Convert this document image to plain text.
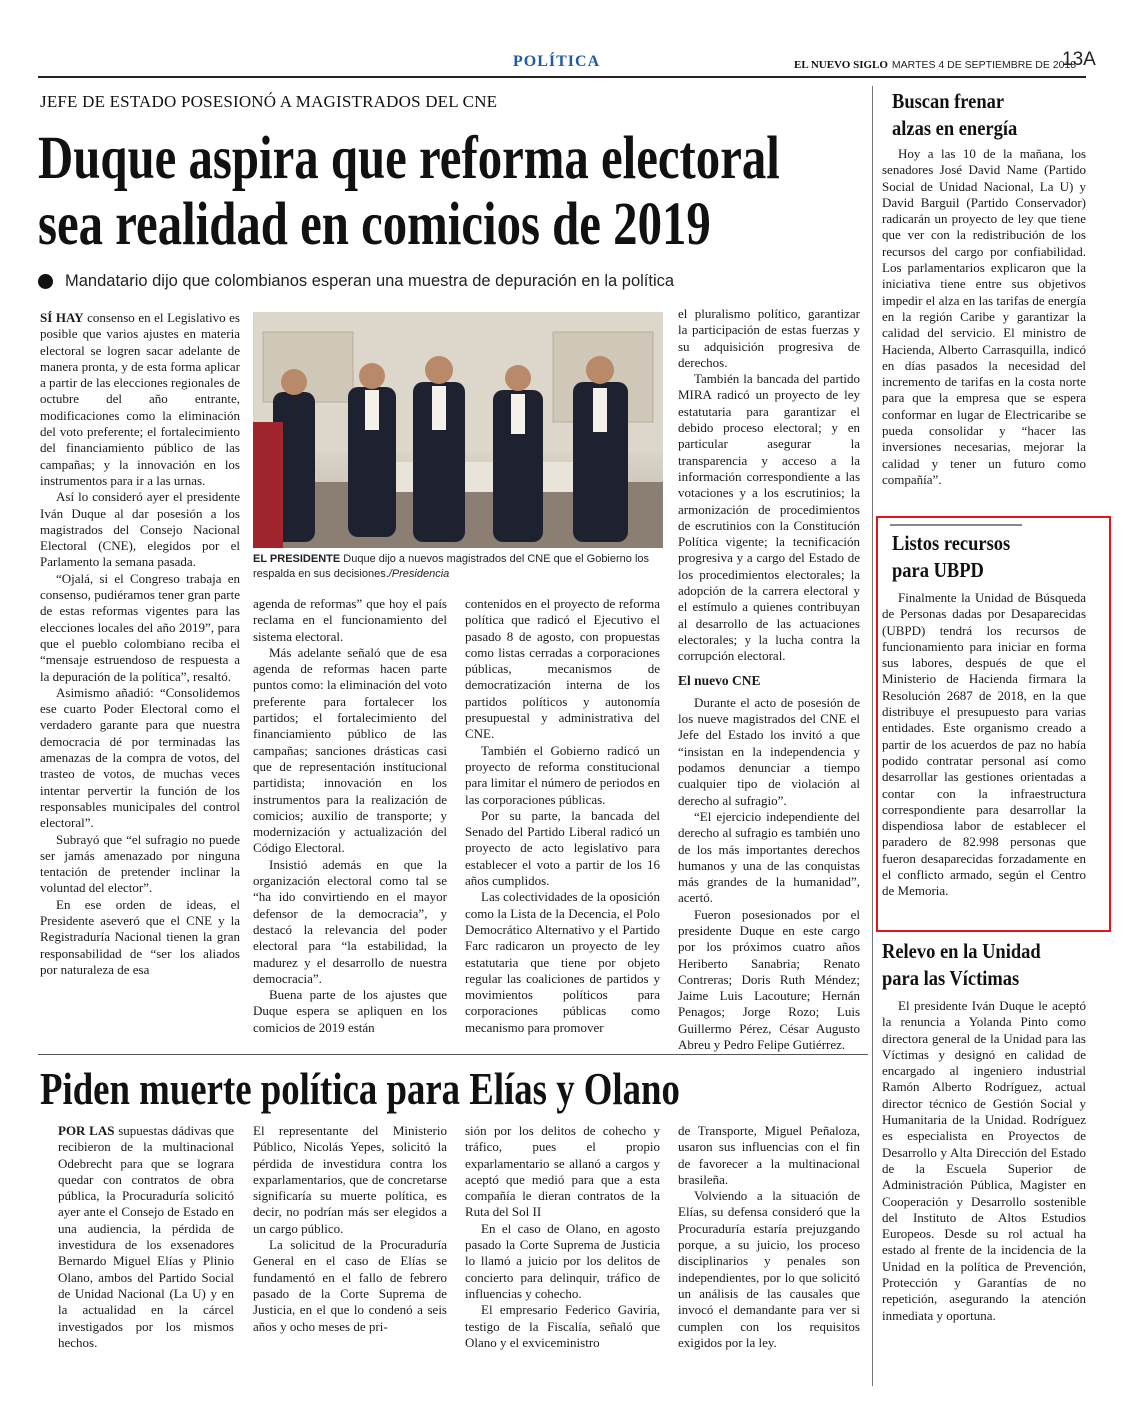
POLÍTICA	EL NUEVO SIGLO MARTES 4 DE SEPTIEMBRE DE 2018
13A
JEFE DE ESTADO POSESIONÓ A MAGISTRADOS DEL CNE
Duque aspira que reforma electoral
sea realidad en comicios de 2019
Mandatario dijo que colombianos esperan una muestra de depuración en la política

SÍ HAY consenso en el Legislativo es posible que varios ajustes en materia electoral se logren sacar adelante de manera pronta, y de esta forma aplicar a partir de las elecciones regionales de octubre del año entrante, modificaciones como la eliminación del voto preferente; el fortalecimiento del financiamiento público de las campañas; y la innovación en los instrumentos para ir a las urnas.

Así lo consideró ayer el presidente Iván Duque al dar posesión a los magistrados del Consejo Nacional Electoral (CNE), elegidos por el Parlamento la semana pasada.

“Ojalá, si el Congreso trabaja en consenso, pudiéramos tener gran parte de estas reformas vigentes para las elecciones locales del año 2019”, para que el pueblo colombiano reciba el “mensaje estruendoso de respuesta a la depuración de la política”, resaltó.

Asimismo añadió: “Consolidemos ese cuarto Poder Electoral como el verdadero garante para que nuestra democracia dé por terminadas las amenazas de la compra de votos, del trasteo de votos, de muchas veces intentar pervertir la función de los responsables municipales del control electoral”.

Subrayó que “el sufragio no puede ser jamás amenazado por ninguna tentación de pretender inclinar la voluntad del elector”.

En ese orden de ideas, el Presidente aseveró que el CNE y la Registraduría Nacional tienen la gran responsabilidad de “ser los aliados por naturaleza de esa

EL PRESIDENTE Duque dijo a nuevos magistrados del CNE que el Gobierno los respalda en sus decisiones./Presidencia

agenda de reformas” que hoy el país reclama en el funcionamiento del sistema electoral.

Más adelante señaló que de esa agenda de reformas hacen parte puntos como: la eliminación del voto preferente para fortalecer los partidos; el fortalecimiento del financiamiento público de las campañas; sanciones drásticas casi que de representación institucional partidista; innovación en los instrumentos para la realización de comicios; auxilio de transporte; y modernización y actualización del Código Electoral.

Insistió además en que la organización electoral como tal se “ha ido convirtiendo en el mayor defensor de la democracia”, y destacó la relevancia del poder electoral para “la estabilidad, la madurez y el desarrollo de nuestra democracia”.

Buena parte de los ajustes que Duque espera se apliquen en los comicios de 2019 están

contenidos en el proyecto de reforma política que radicó el Ejecutivo el pasado 8 de agosto, con propuestas como listas cerradas a corporaciones públicas, mecanismos de democratización interna de los partidos políticos y autonomía presupuestal y administrativa del CNE.

También el Gobierno radicó un proyecto de reforma constitucional para limitar el número de periodos en las corporaciones públicas.

Por su parte, la bancada del Senado del Partido Liberal radicó un proyecto de acto legislativo para establecer el voto a partir de los 16 años cumplidos.

Las colectividades de la oposición como la Lista de la Decencia, el Polo Democrático Alternativo y el Partido Farc radicaron un proyecto de ley estatutaria que tiene por objeto regular las coaliciones de partidos y movimientos políticos para corporaciones públicas como mecanismo para promover

el pluralismo político, garantizar la participación de estas fuerzas y su adquisición progresiva de derechos.

También la bancada del partido MIRA radicó un proyecto de ley estatutaria para garantizar el debido proceso electoral; y en particular asegurar la transparencia y acceso a la información correspondiente a las votaciones y a los escrutinios; la armonización de procedimientos de escrutinios con la Constitución Política vigente; la tecnificación progresiva y a cargo del Estado de los procedimientos electorales; la adopción de la carrera electoral y el estímulo a quienes contribuyan al desarrollo de las actuaciones electorales; y la lucha contra la corrupción electoral.

El nuevo CNE

Durante el acto de posesión de los nueve magistrados del CNE el Jefe del Estado los invitó a que “insistan en la independencia y podamos denunciar a tiempo cualquier tipo de violación al derecho al sufragio”.

“El ejercicio independiente del derecho al sufragio es también uno de los más importantes derechos humanos y una de las conquistas más grandes de la humanidad”, acertó.

Fueron posesionados por el presidente Duque en este cargo por los próximos cuatro años Heriberto Sanabria; Renato Contreras; Doris Ruth Méndez; Jaime Luis Lacouture; Hernán Penagos; Jorge Rozo; Luis Guillermo Pérez, César Augusto Abreu y Pedro Felipe Gutiérrez.

Piden muerte política para Elías y Olano

POR LAS supuestas dádivas que recibieron de la multinacional Odebrecht para que se lograra quedar con contratos de obra pública, la Procuraduría solicitó ayer ante el Consejo de Estado en una audiencia, la pérdida de investidura de los exsenadores Bernardo Miguel Elías y Plinio Olano, ambos del Partido Social de Unidad Nacional (La U) y en la actualidad en la cárcel investigados por los mismos hechos.

El representante del Ministerio Público, Nicolás Yepes, solicitó la pérdida de investidura contra los exparlamentarios, que de concretarse significaría su muerte política, es decir, no podrían más ser elegidos a un cargo público.

La solicitud de la Procuraduría General en el caso de Elías se fundamentó en el fallo de febrero pasado de la Corte Suprema de Justicia, en el que lo condenó a seis años y ocho meses de pri-

sión por los delitos de cohecho y tráfico, pues el propio exparlamentario se allanó a cargos y aceptó que medió para que a esta compañía le dieran contratos de la Ruta del Sol II

En el caso de Olano, en agosto pasado la Corte Suprema de Justicia lo llamó a juicio por los delitos de concierto para delinquir, tráfico de influencias y cohecho.

El empresario Federico Gaviria, testigo de la Fiscalía, señaló que Olano y el exviceministro

de Transporte, Miguel Peñaloza, usaron sus influencias con el fin de favorecer a la multinacional brasileña.

Volviendo a la situación de Elías, su defensa consideró que la Procuraduría estaría prejuzgando porque, a su juicio, los proceso disciplinarios y penales son independientes, por lo que solicitó un análisis de las causales que invocó el demandante para ver si cumplen con los requisitos exigidos por la ley.

Buscan frenar
alzas en energía

Hoy a las 10 de la mañana, los senadores José David Name (Partido Social de Unidad Nacional, La U) y David Barguil (Partido Conservador) radicarán un proyecto de ley que tiene que ver con la redistribución de los recursos del cargo por confiabilidad. Los parlamentarios explicaron que la iniciativa tiene entre sus objetivos impedir el alza en las tarifas de energía en la región Caribe y garantizar la calidad del servicio. El ministro de Hacienda, Alberto Carrasquilla, indicó en días pasados la necesidad del incremento de tarifas en la costa norte para que la empresa que se espera conformar en lugar de Electricaribe se pueda consolidar y “hacer las inversiones necesarias, mejorar la calidad y tener un futuro como compañía”.

Listos recursos
para UBPD

Finalmente la Unidad de Búsqueda de Personas dadas por Desaparecidas (UBPD) tendrá los recursos de funcionamiento para iniciar en forma sus labores, después de que el Ministerio de Hacienda firmara la Resolución 2687 de 2018, en la que distribuye el presupuesto para varias entidades. Este organismo creado a partir de los acuerdos de paz no había podido contratar personal así como desarrollar las gestiones orientadas a contar con la infraestructura correspondiente para desarrollar la dispendiosa labor de establecer el paradero de 82.998 personas que fueron desaparecidas forzadamente en el conflicto armado, según el Centro de Memoria.

Relevo en la Unidad
para las Víctimas

El presidente Iván Duque le aceptó la renuncia a Yolanda Pinto como directora general de la Unidad para las Víctimas y designó en calidad de encargado al ingeniero industrial Ramón Alberto Rodríguez, actual director técnico de Gestión Social y Humanitaria de la Unidad. Rodríguez es especialista en Proyectos de Desarrollo y Alta Dirección del Estado de la Escuela Superior de Administración Pública, Magister en Cooperación y Desarrollo sostenible del Instituto de Altos Estudios Europeos. Desde su rol actual ha estado al frente de la incidencia de la Unidad en la política de Prevención, Protección y Garantías de no repetición, asegurando la atención inmediata y oportuna.
